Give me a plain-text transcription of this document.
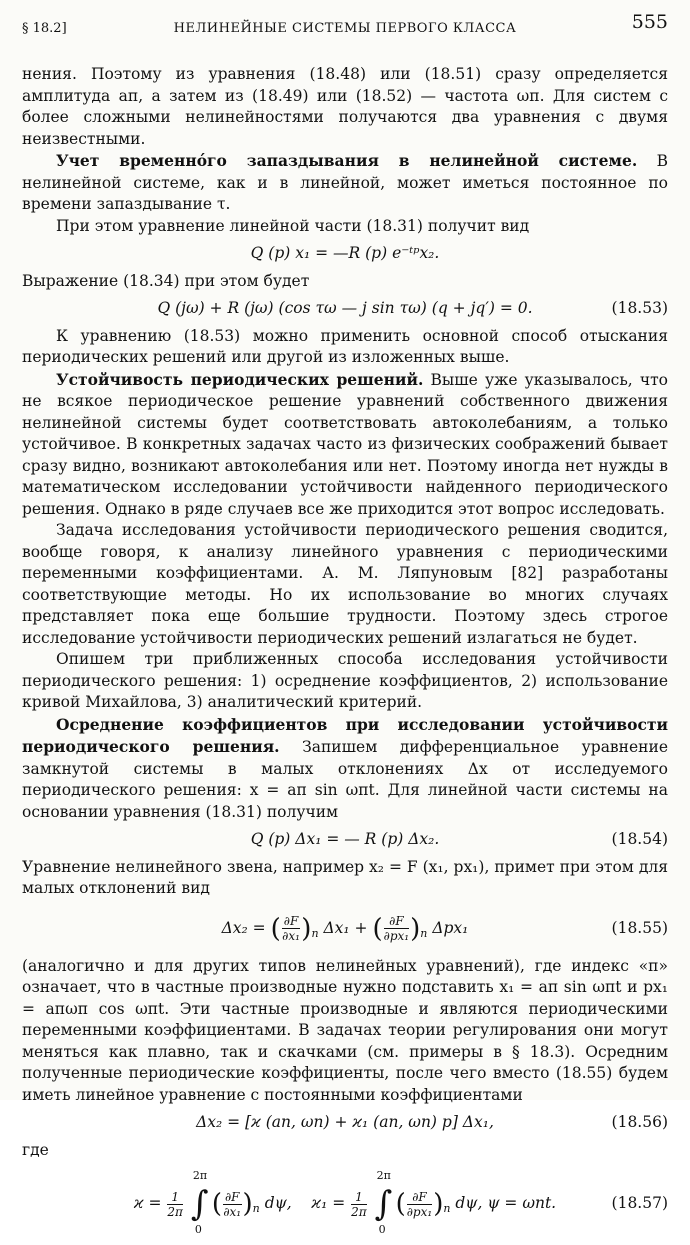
§ 18.2]	НЕЛИНЕЙНЫЕ СИСТЕМЫ ПЕРВОГО КЛАССА	555

нения. Поэтому из уравнения (18.48) или (18.51) сразу определяется амплитуда aп, а затем из (18.49) или (18.52) — частота ωп. Для систем с более сложными нелинейностями получаются два уравнения с двумя неизвестными.

Учет временнóго запаздывания в нелинейной системе. В нелинейной системе, как и в линейной, может иметься постоянное по времени запаздывание τ.

При этом уравнение линейной части (18.31) получит вид

Q (p) x₁ = —R (p) e⁻ᵗᵖx₂.

Выражение (18.34) при этом будет

Q (jω) + R (jω) (cos τω — j sin τω) (q + jq′) = 0.	(18.53)

К уравнению (18.53) можно применить основной способ отыскания периодических решений или другой из изложенных выше.

Устойчивость периодических решений. Выше уже указывалось, что не всякое периодическое решение уравнений собственного движения нелинейной системы будет соответствовать автоколебаниям, а только устойчивое. В конкретных задачах часто из физических соображений бывает сразу видно, возникают автоколебания или нет. Поэтому иногда нет нужды в математическом исследовании устойчивости найденного периодического решения. Однако в ряде случаев все же приходится этот вопрос исследовать.

Задача исследования устойчивости периодического решения сводится, вообще говоря, к анализу линейного уравнения с периодическими переменными коэффициентами. А. М. Ляпуновым [82] разработаны соответствующие методы. Но их использование во многих случаях представляет пока еще большие трудности. Поэтому здесь строгое исследование устойчивости периодических решений излагаться не будет.

Опишем три приближенных способа исследования устойчивости периодического решения: 1) осреднение коэффициентов, 2) использование кривой Михайлова, 3) аналитический критерий.

Осреднение коэффициентов при исследовании устойчивости периодического решения. Запишем дифференциальное уравнение замкнутой системы в малых отклонениях Δx от исследуемого периодического решения: x = aп sin ωпt. Для линейной части системы на основании уравнения (18.31) получим

Q (p) Δx₁ = — R (p) Δx₂.	(18.54)

Уравнение нелинейного звена, например x₂ = F (x₁, px₁), примет при этом для малых отклонений вид

Δx₂ = ( $\frac{\partial F}{\text{∂x₁}} )_п$ Δx₁ + ( $\frac{\partial F}{\text{∂px₁}} )_п$ Δpx₁	(18.55)

(аналогично и для других типов нелинейных уравнений), где индекс «п» означает, что в частные производные нужно подставить x₁ = aп sin ωпt и px₁ = aпωп cos ωпt. Эти частные производные и являются периодическими переменными коэффициентами. В задачах теории регулирования они могут меняться как плавно, так и скачками (см. примеры в § 18.3). Осредним полученные периодические коэффициенты, после чего вместо (18.55) будем иметь линейное уравнение с постоянными коэффициентами

Δx₂ = [ϰ (aп, ωп) + ϰ₁ (aп, ωп) p] Δx₁,	(18.56)

где

$ϰ = \frac{1}{2\pi}$

2π
∫
0
( $\frac{\partial F}{\text{∂x₁}} )_п$ dψ, $ϰ_1 = \frac{1}{2\pi}$

2π
∫
0
( $\frac{\partial F}{\text{∂px₁}} )_п$ dψ, ψ = ωпt.	(18.57)
